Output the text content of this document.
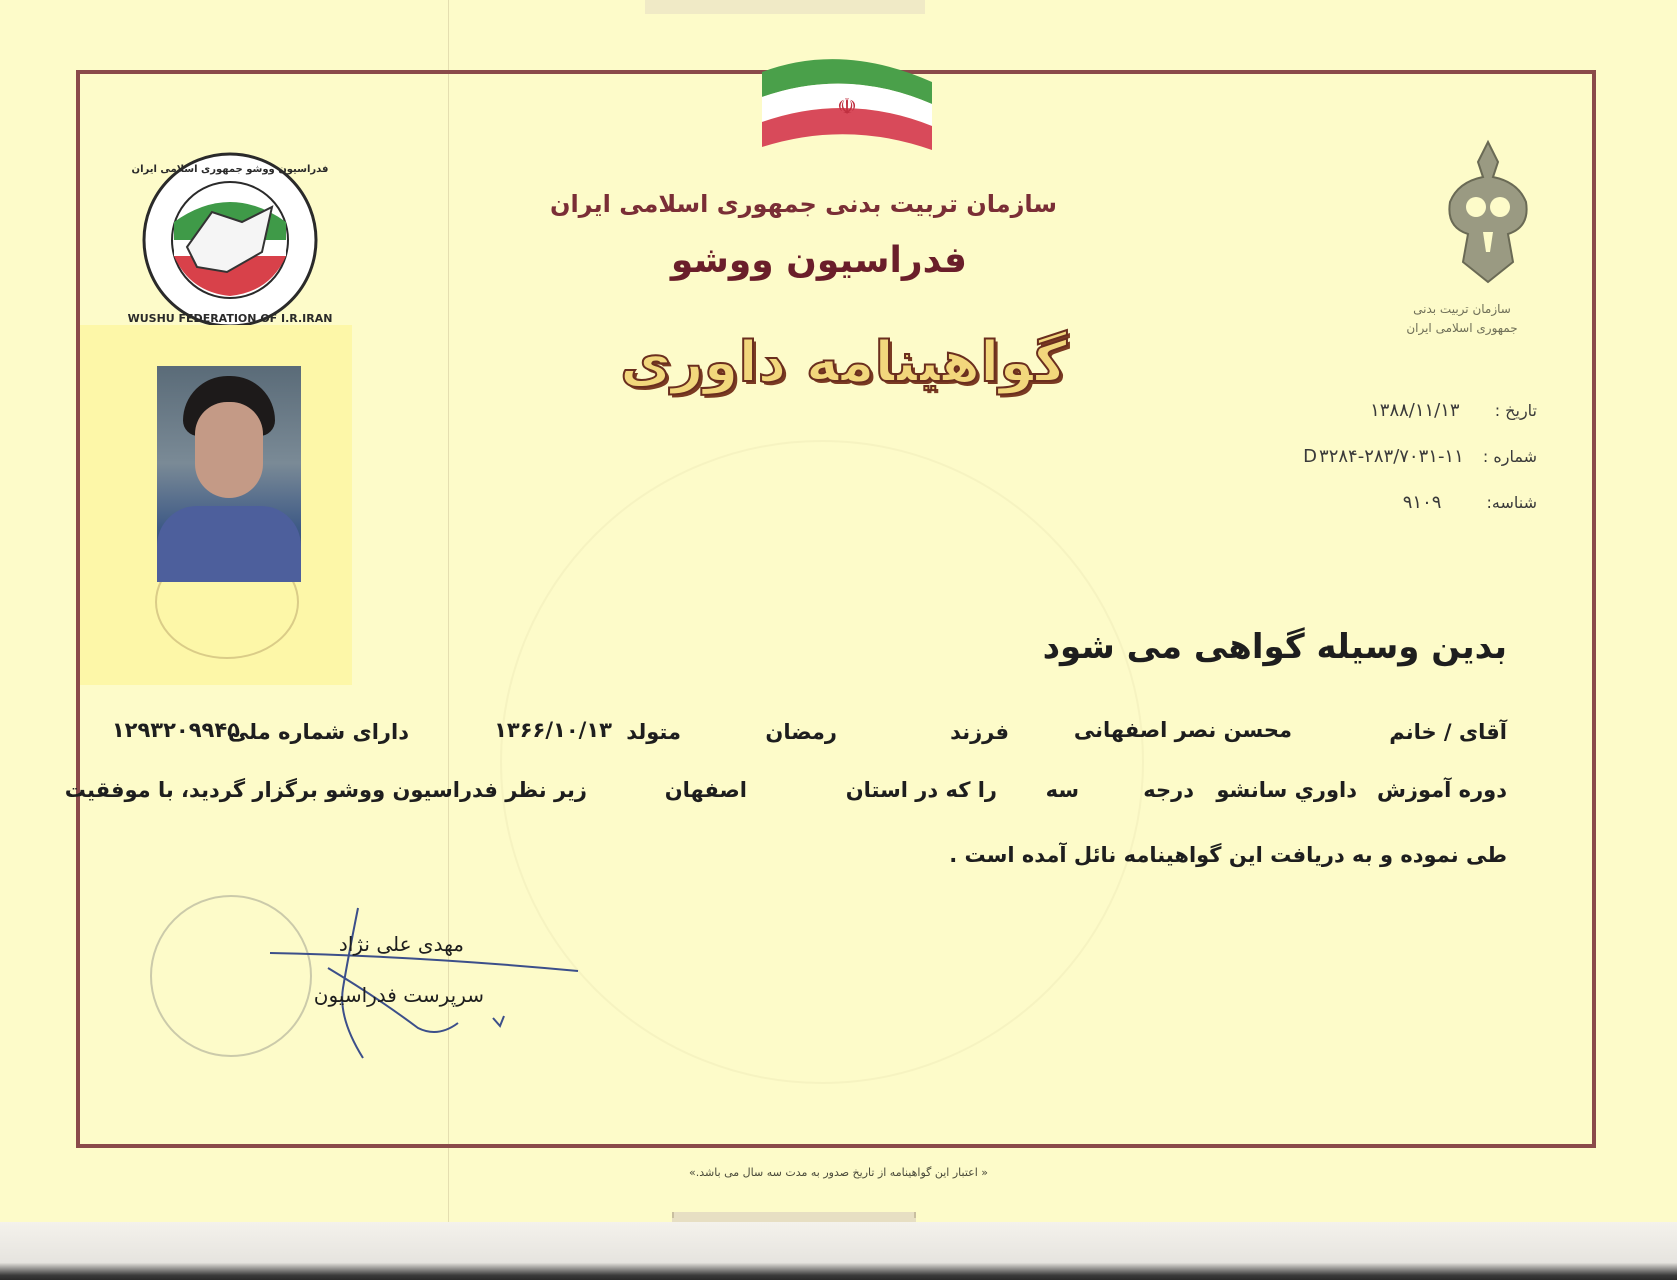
☫
WUSHU FEDERATION OF I.R.IRAN
فدراسیون ووشو جمهوری اسلامی ایران
سازمان تربیت بدنی
جمهوری اسلامی ایران
سازمان تربیت بدنی جمهوری اسلامی ایران
فدراسیون ووشو
گواهینامه داوری
تاریخ : ۱۳۸۸/۱۱/۱۳
شماره : D۳۲۸۴-۲۸۳/۷۰۳۱-۱۱
شناسه: ۹۱۰۹
بدین وسیله گواهی می شود
آقای / خانم
محسن نصر اصفهانی
فرزند
رمضان
متولد
۱۳۶۶/۱۰/۱۳
دارای شماره ملی
۱۲۹۳۲۰۹۹۴۵
دوره آموزش
داوري سانشو
درجه
سه
را که در استان
اصفهان
زیر نظر فدراسیون ووشو برگزار گردید، با موفقیت
طی نموده و به دریافت این گواهینامه نائل آمده است .
مهدی علی نژاد
سرپرست فدراسیون
« اعتبار این گواهینامه از تاریخ صدور به مدت سه سال می باشد.»
